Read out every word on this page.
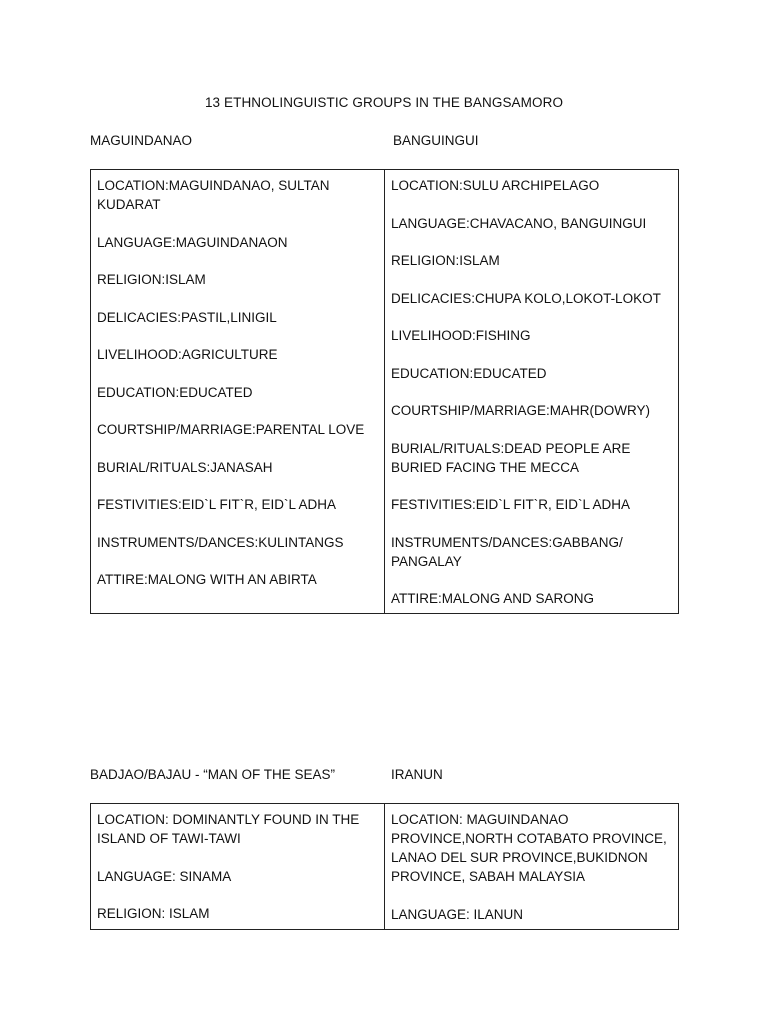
13 ETHNOLINGUISTIC GROUPS IN THE BANGSAMORO
MAGUINDANAO	BANGUINGUI
LOCATION:MAGUINDANAO, SULTAN KUDARAT
LANGUAGE:MAGUINDANAON
RELIGION:ISLAM
DELICACIES:PASTIL,LINIGIL
LIVELIHOOD:AGRICULTURE
EDUCATION:EDUCATED
COURTSHIP/MARRIAGE:PARENTAL LOVE
BURIAL/RITUALS:JANASAH
FESTIVITIES:EID`L FIT`R, EID`L ADHA
INSTRUMENTS/DANCES:KULINTANGS
ATTIRE:MALONG WITH AN ABIRTA
LOCATION:SULU ARCHIPELAGO
LANGUAGE:CHAVACANO, BANGUINGUI
RELIGION:ISLAM
DELICACIES:CHUPA KOLO,LOKOT-LOKOT
LIVELIHOOD:FISHING
EDUCATION:EDUCATED
COURTSHIP/MARRIAGE:MAHR(DOWRY)
BURIAL/RITUALS:DEAD PEOPLE ARE BURIED FACING THE MECCA
FESTIVITIES:EID`L FIT`R, EID`L ADHA
INSTRUMENTS/DANCES:GABBANG/ PANGALAY
ATTIRE:MALONG AND SARONG
BADJAO/BAJAU - “MAN OF THE SEAS”	IRANUN
LOCATION: DOMINANTLY FOUND IN THE ISLAND OF TAWI-TAWI
LANGUAGE: SINAMA
RELIGION: ISLAM
LOCATION: MAGUINDANAO PROVINCE,NORTH COTABATO PROVINCE, LANAO DEL SUR PROVINCE,BUKIDNON PROVINCE, SABAH MALAYSIA
LANGUAGE: ILANUN
